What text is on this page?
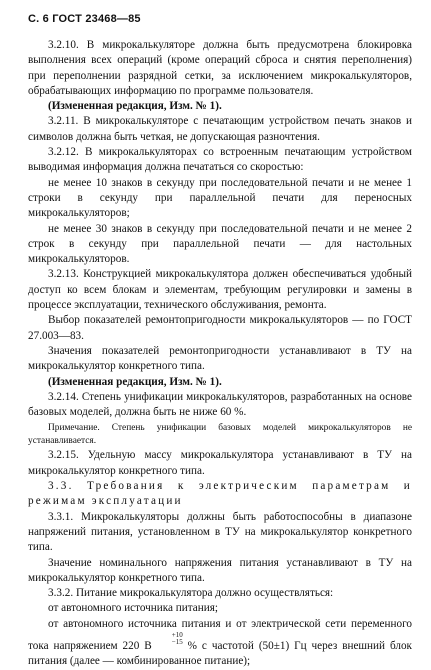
С. 6 ГОСТ 23468—85

3.2.10. В микрокалькуляторе должна быть предусмотрена блокировка выполнения всех операций (кроме операций сброса и снятия переполнения) при переполнении разрядной сетки, за исключением микрокалькуляторов, обрабатывающих информацию по программе пользователя.

(Измененная редакция, Изм. № 1).

3.2.11. В микрокалькуляторе с печатающим устройством печать знаков и символов должна быть четкая, не допускающая разночтения.

3.2.12. В микрокалькуляторах со встроенным печатающим устройством выводимая информация должна печататься со скоростью:

не менее 10 знаков в секунду при последовательной печати и не менее 1 строки в секунду при параллельной печати для переносных микрокалькуляторов;

не менее 30 знаков в секунду при последовательной печати и не менее 2 строк в секунду при параллельной печати — для настольных микрокалькуляторов.

3.2.13. Конструкцией микрокалькулятора должен обеспечиваться удобный доступ ко всем блокам и элементам, требующим регулировки и замены в процессе эксплуатации, технического обслуживания, ремонта.

Выбор показателей ремонтопригодности микрокалькуляторов — по ГОСТ 27.003—83.

Значения показателей ремонтопригодности устанавливают в ТУ на микрокалькулятор конкретного типа.

(Измененная редакция, Изм. № 1).

3.2.14. Степень унификации микрокалькуляторов, разработанных на основе базовых моделей, должна быть не ниже 60 %.

Примечание. Степень унификации базовых моделей микрокалькуляторов не устанавливается.

3.2.15. Удельную массу микрокалькулятора устанавливают в ТУ на микрокалькулятор конкретного типа.

3.3. Требования к электрическим параметрам и режимам эксплуатации

3.3.1. Микрокалькуляторы должны быть работоспособны в диапазоне напряжений питания, установленном в ТУ на микрокалькулятор конкретного типа.

Значение номинального напряжения питания устанавливают в ТУ на микрокалькулятор конкретного типа.

3.3.2. Питание микрокалькулятора должно осуществляться:

от автономного источника питания;

от автономного источника питания и от электрической сети переменного тока напряжением 220 В
$^{+10 -15}$ % с частотой (50±1) Гц через внешний блок питания (далее — комбинированное питание);
